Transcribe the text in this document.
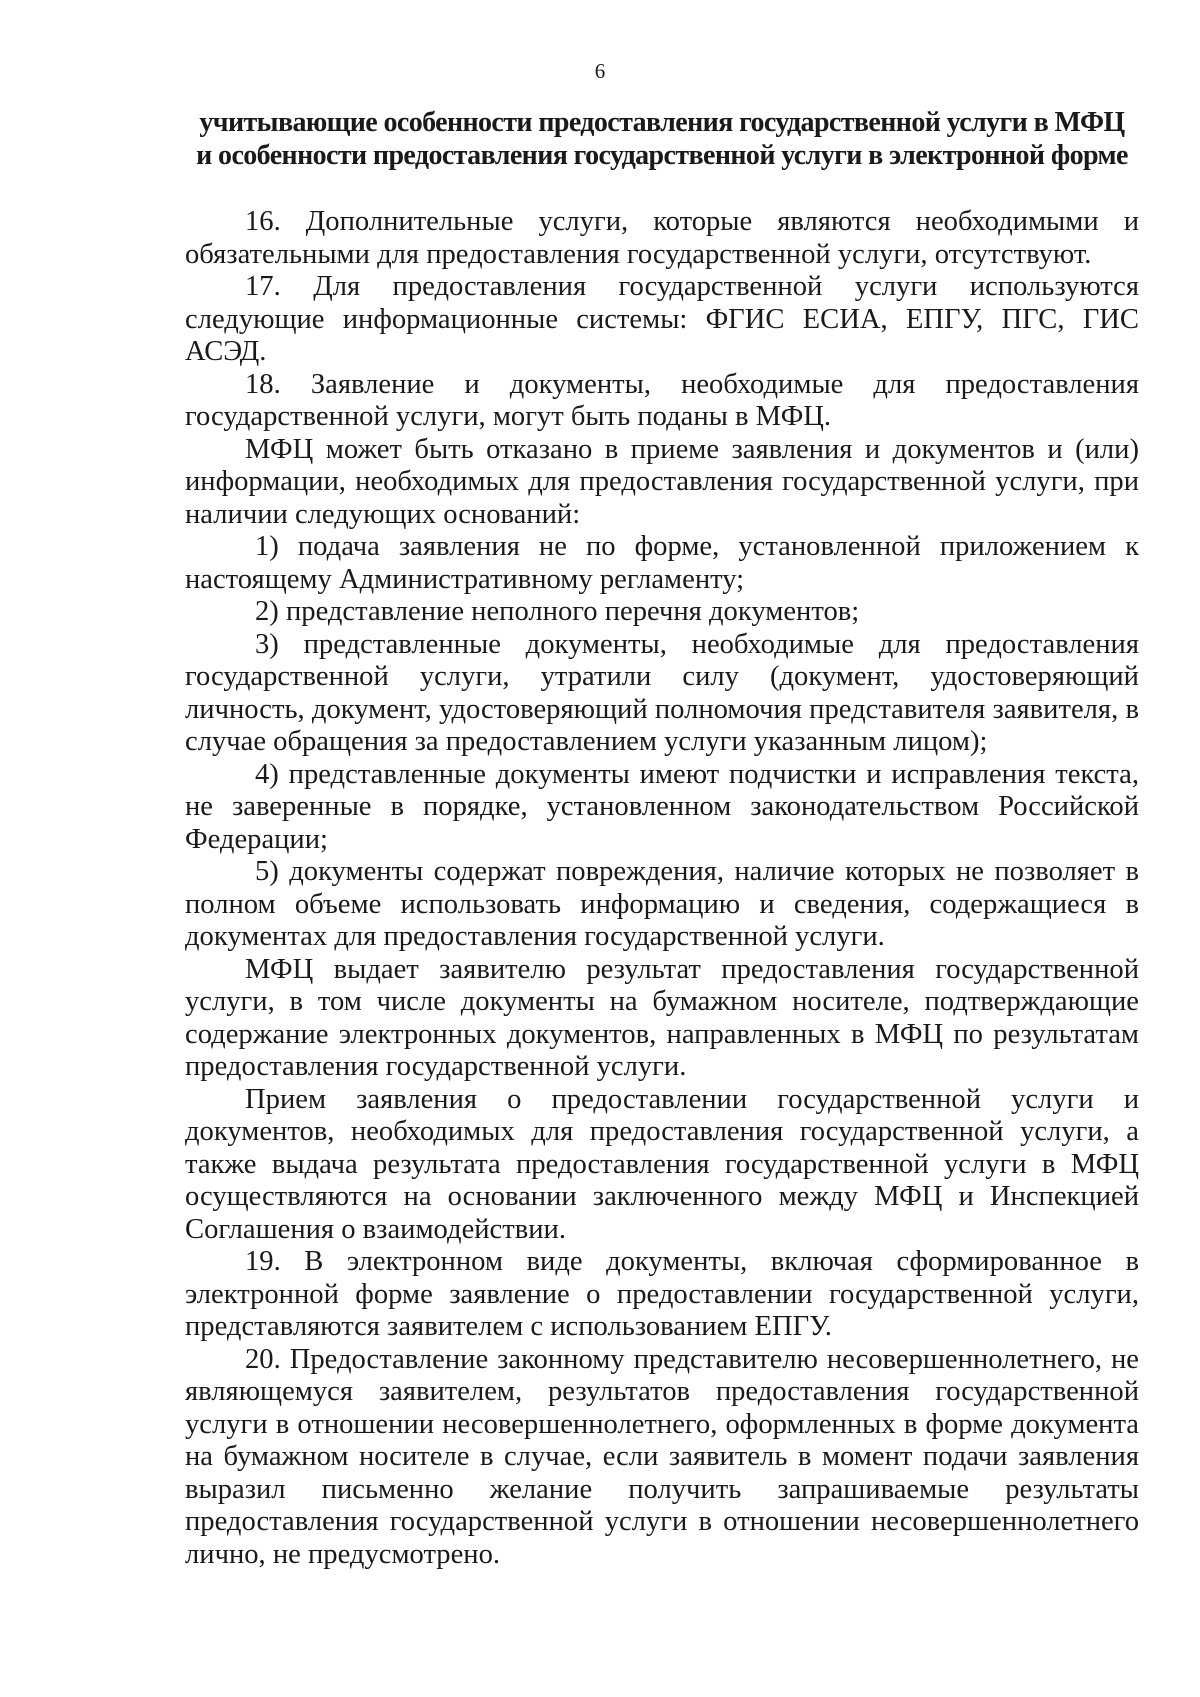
6
учитывающие особенности предоставления государственной услуги в МФЦ
и особенности предоставления государственной услуги в электронной форме

16. Дополнительные услуги, которые являются необходимыми и обязательными для предоставления государственной услуги, отсутствуют.

17. Для предоставления государственной услуги используются следующие информационные системы: ФГИС ЕСИА, ЕПГУ, ПГС, ГИС АСЭД.

18. Заявление и документы, необходимые для предоставления государственной услуги, могут быть поданы в МФЦ.

МФЦ может быть отказано в приеме заявления и документов и (или) информации, необходимых для предоставления государственной услуги, при наличии следующих оснований:

1) подача заявления не по форме, установленной приложением к настоящему Административному регламенту;

2) представление неполного перечня документов;

3) представленные документы, необходимые для предоставления государственной услуги, утратили силу (документ, удостоверяющий личность, документ, удостоверяющий полномочия представителя заявителя, в случае обращения за предоставлением услуги указанным лицом);

4) представленные документы имеют подчистки и исправления текста, не заверенные в порядке, установленном законодательством Российской Федерации;

5) документы содержат повреждения, наличие которых не позволяет в полном объеме использовать информацию и сведения, содержащиеся в документах для предоставления государственной услуги.

МФЦ выдает заявителю результат предоставления государственной услуги, в том числе документы на бумажном носителе, подтверждающие содержание электронных документов, направленных в МФЦ по результатам предоставления государственной услуги.

Прием заявления о предоставлении государственной услуги и документов, необходимых для предоставления государственной услуги, а также выдача результата предоставления государственной услуги в МФЦ осуществляются на основании заключенного между МФЦ и Инспекцией Соглашения о взаимодействии.

19. В электронном виде документы, включая сформированное в электронной форме заявление о предоставлении государственной услуги, представляются заявителем с использованием ЕПГУ.

20. Предоставление законному представителю несовершеннолетнего, не являющемуся заявителем, результатов предоставления государственной услуги в отношении несовершеннолетнего, оформленных в форме документа на бумажном носителе в случае, если заявитель в момент подачи заявления выразил письменно желание получить запрашиваемые результаты предоставления государственной услуги в отношении несовершеннолетнего лично, не предусмотрено.
